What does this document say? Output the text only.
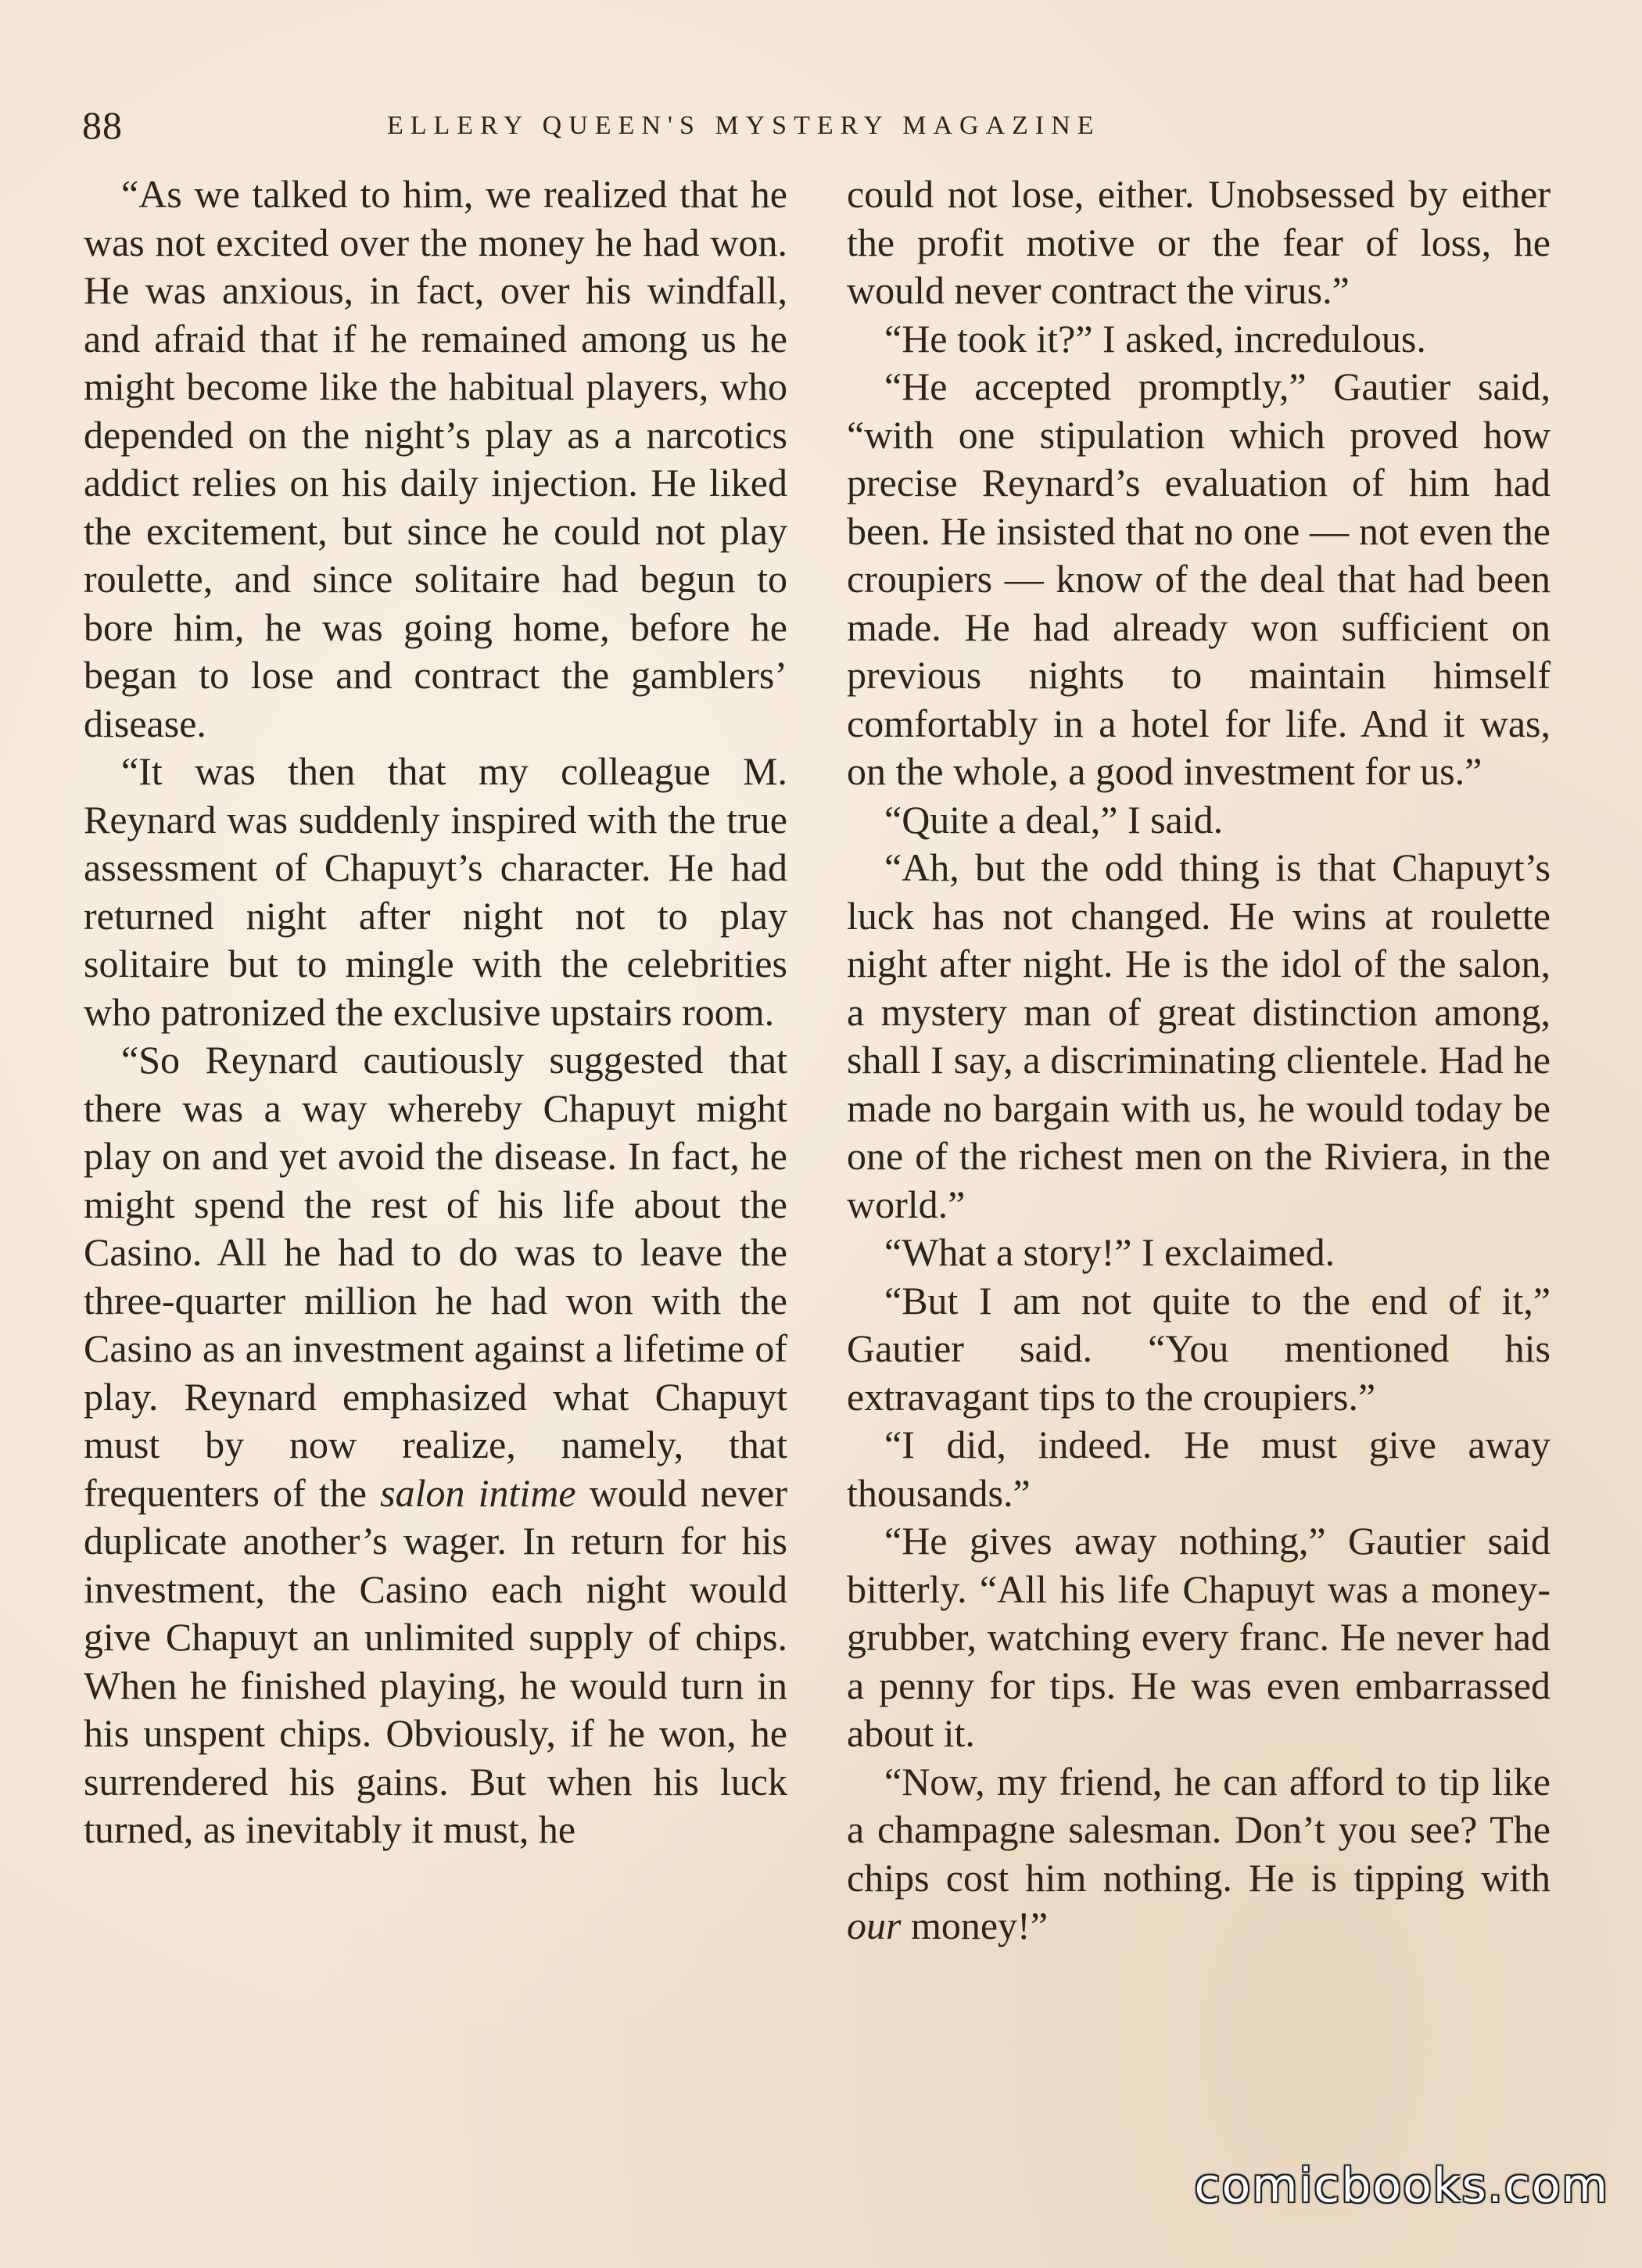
88	ELLERY QUEEN'S MYSTERY MAGAZINE

“As we talked to him, we realized that he was not excited over the money he had won. He was anxious, in fact, over his windfall, and afraid that if he remained among us he might become like the habitual players, who depended on the night’s play as a narcotics addict relies on his daily injection. He liked the excitement, but since he could not play roulette, and since solitaire had begun to bore him, he was going home, before he began to lose and contract the gamblers’ disease.

“It was then that my colleague M. Reynard was suddenly inspired with the true assessment of Chapuyt’s character. He had returned night after night not to play solitaire but to mingle with the celebrities who patronized the exclusive upstairs room.

“So Reynard cautiously suggested that there was a way whereby Chapuyt might play on and yet avoid the disease. In fact, he might spend the rest of his life about the Casino. All he had to do was to leave the three-quarter million he had won with the Casino as an investment against a lifetime of play. Reynard emphasized what Chapuyt must by now realize, namely, that frequenters of the salon intime would never duplicate another’s wager. In return for his investment, the Casino each night would give Chapuyt an unlimited supply of chips. When he finished playing, he would turn in his unspent chips. Obviously, if he won, he surrendered his gains. But when his luck turned, as inevitably it must, he

could not lose, either. Unobsessed by either the profit motive or the fear of loss, he would never contract the virus.”

“He took it?” I asked, incredulous.

“He accepted promptly,” Gautier said, “with one stipulation which proved how precise Reynard’s evaluation of him had been. He insisted that no one — not even the croupiers — know of the deal that had been made. He had already won sufficient on previous nights to maintain himself comfortably in a hotel for life. And it was, on the whole, a good investment for us.”

“Quite a deal,” I said.

“Ah, but the odd thing is that Chapuyt’s luck has not changed. He wins at roulette night after night. He is the idol of the salon, a mystery man of great distinction among, shall I say, a discriminating clientele. Had he made no bargain with us, he would today be one of the richest men on the Riviera, in the world.”

“What a story!” I exclaimed.

“But I am not quite to the end of it,” Gautier said. “You mentioned his extravagant tips to the croupiers.”

“I did, indeed. He must give away thousands.”

“He gives away nothing,” Gautier said bitterly. “All his life Chapuyt was a money-grubber, watching every franc. He never had a penny for tips. He was even embarrassed about it.

“Now, my friend, he can afford to tip like a champagne salesman. Don’t you see? The chips cost him nothing. He is tipping with our money!”

comicbooks.com
